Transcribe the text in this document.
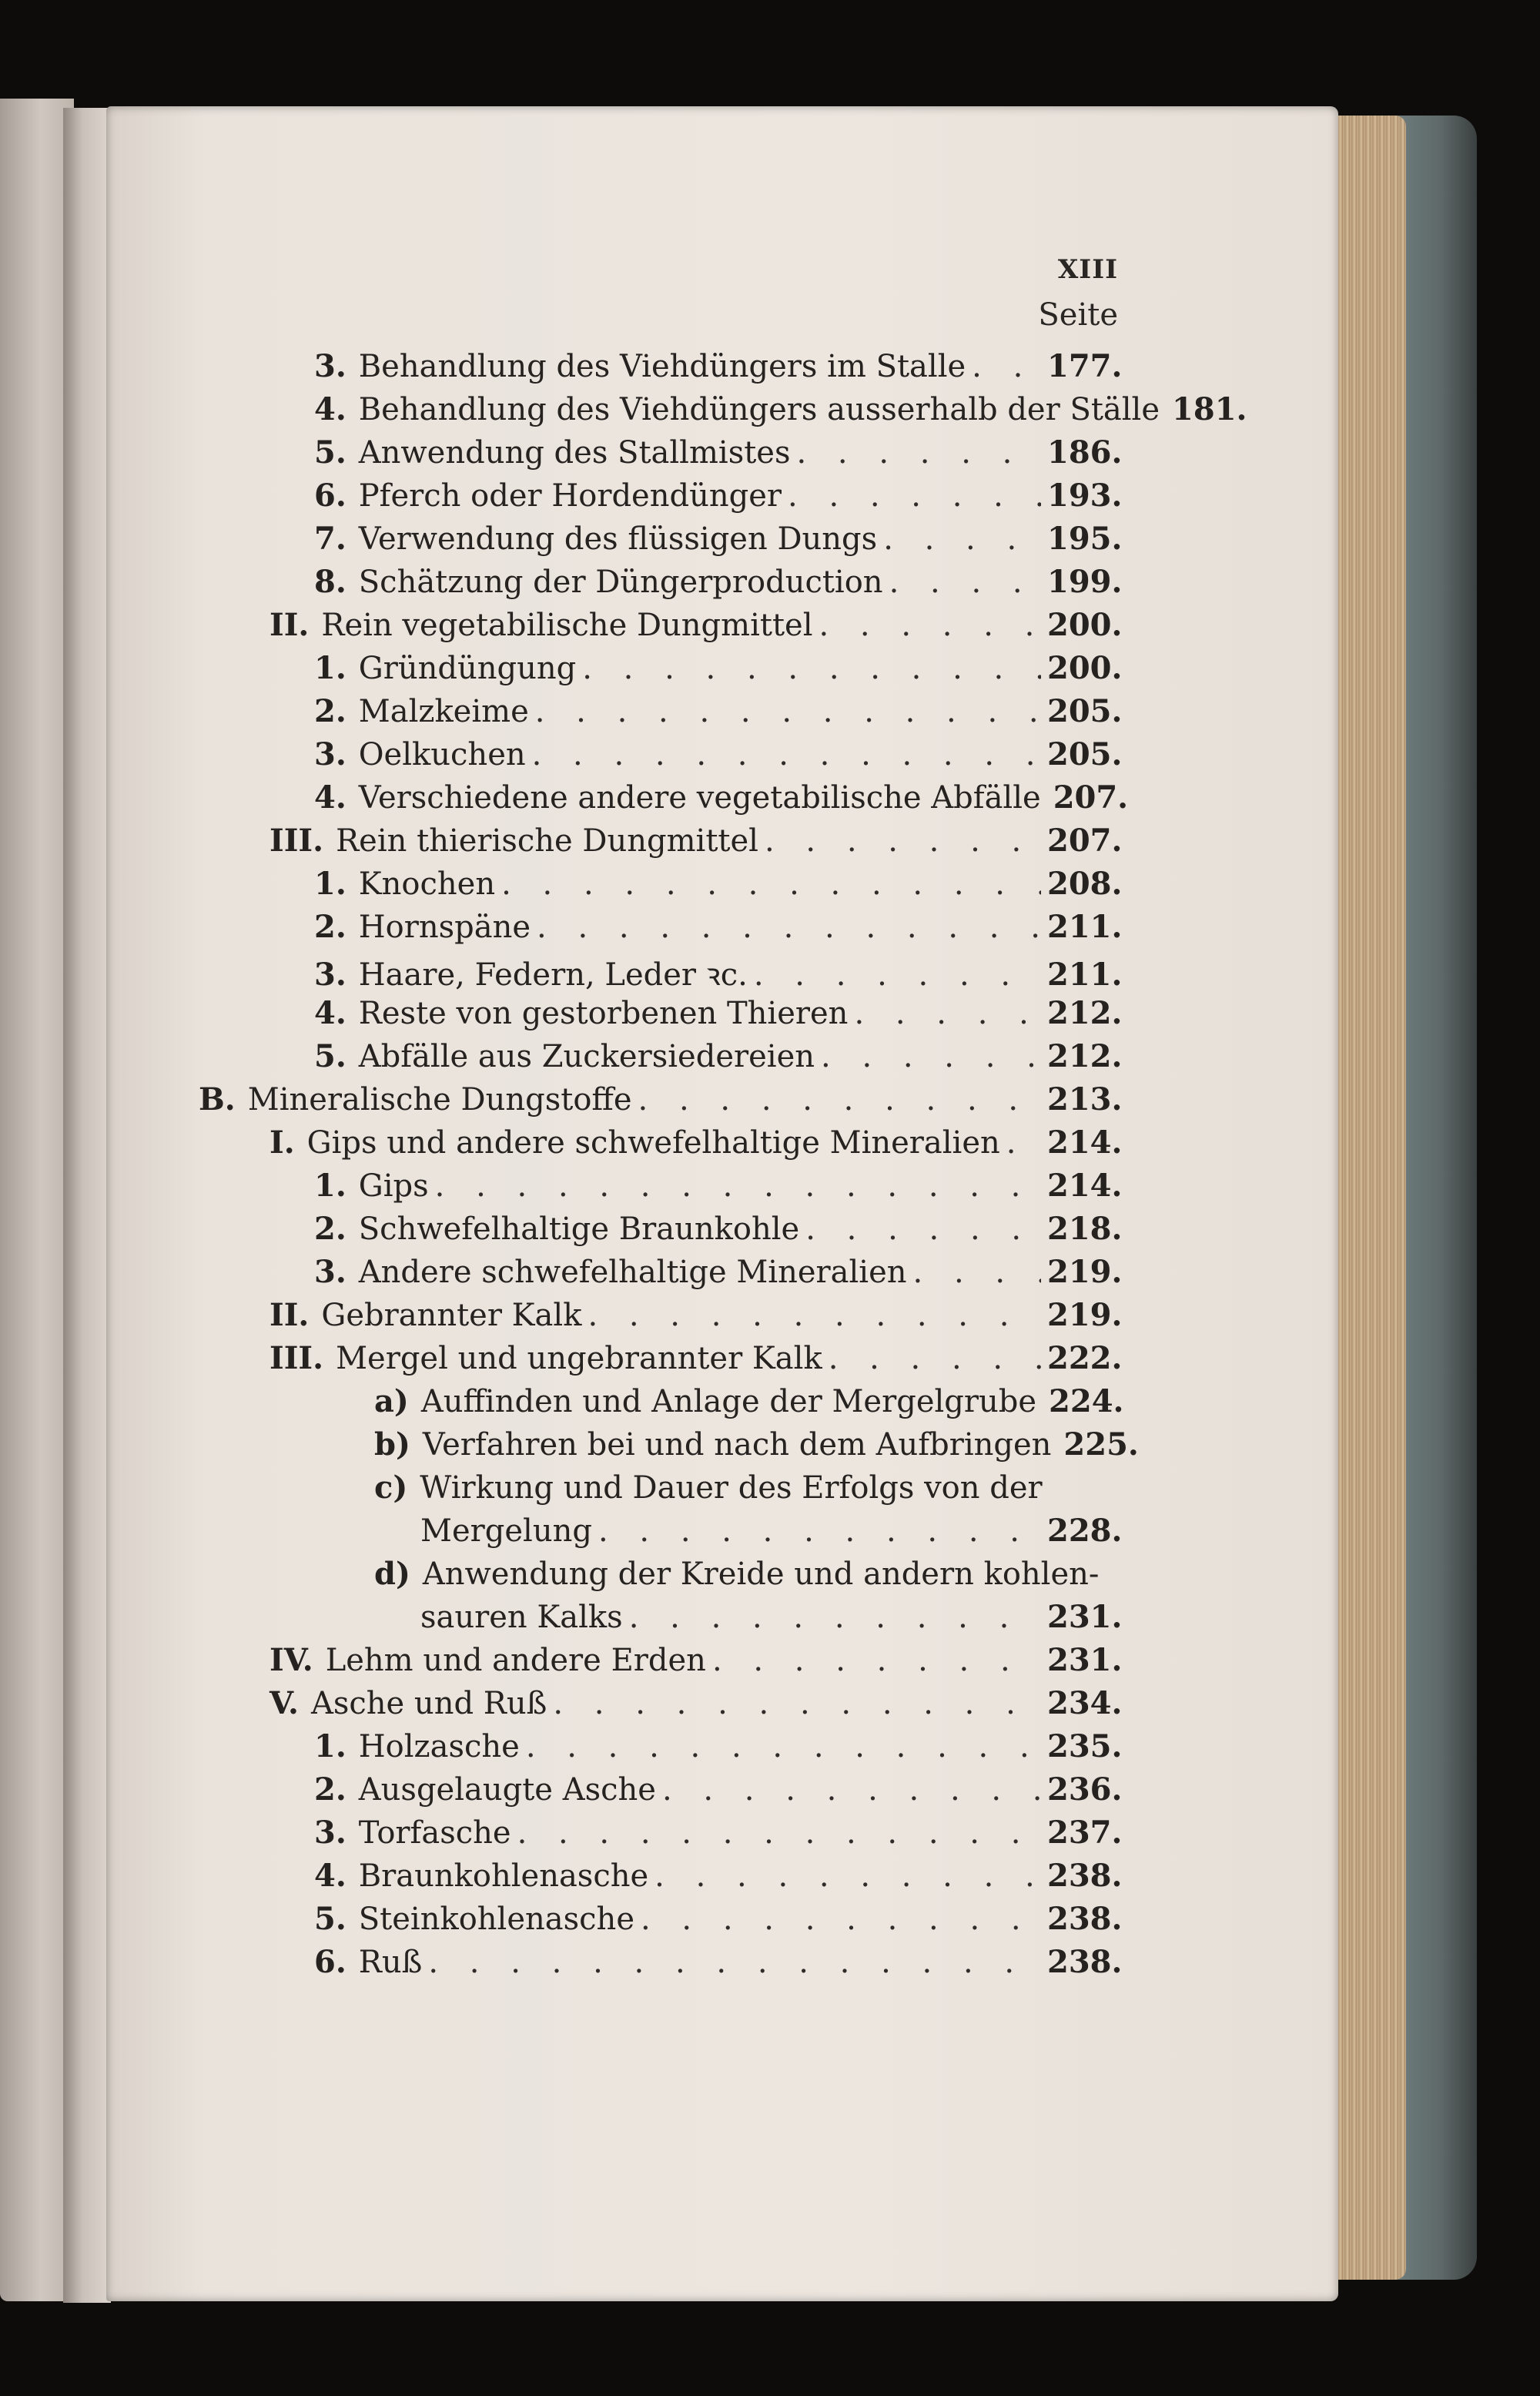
XIII
Seite
3. Behandlung des Viehdüngers im Stalle . . .	177.
4. Behandlung des Viehdüngers ausserhalb der Ställe 181.
5. Anwendung des Stallmistes . . .	186.
6. Pferch oder Hordendünger . . .	193.
7. Verwendung des flüssigen Dungs . . .	195.
8. Schätzung der Düngerproduction . . .	199.
II. Rein vegetabilische Dungmittel . . .	200.
1. Gründüngung . . .	200.
2. Malzkeime . . .	205.
3. Oelkuchen . . .	205.
4. Verschiedene andere vegetabilische Abfälle 207.
III. Rein thierische Dungmittel . . .	207.
1. Knochen . . .	208.
2. Hornspäne . . .	211.
3. Haare, Federn, Leder ꝛc. . . .	211.
4. Reste von gestorbenen Thieren . . .	212.
5. Abfälle aus Zuckersiedereien . . .	212.
B. Mineralische Dungstoffe . . .	213.
I. Gips und andere schwefelhaltige Mineralien . . . 214.
1. Gips . . .	214.
2. Schwefelhaltige Braunkohle . . .	218.
3. Andere schwefelhaltige Mineralien . . .	219.
II. Gebrannter Kalk . . .	219.
III. Mergel und ungebrannter Kalk . . .	222.
a) Auffinden und Anlage der Mergelgrube 224.
b) Verfahren bei und nach dem Aufbringen 225.
c) Wirkung und Dauer des Erfolgs von der
Mergelung . . .	228.
d) Anwendung der Kreide und andern kohlen-
sauren Kalks . . .	231.
IV. Lehm und andere Erden . . .	231.
V. Asche und Ruß . . .	234.
1. Holzasche . . .	235.
2. Ausgelaugte Asche . . .	236.
3. Torfasche . . .	237.
4. Braunkohlenasche . . .	238.
5. Steinkohlenasche . . .	238.
6. Ruß . . .	238.
